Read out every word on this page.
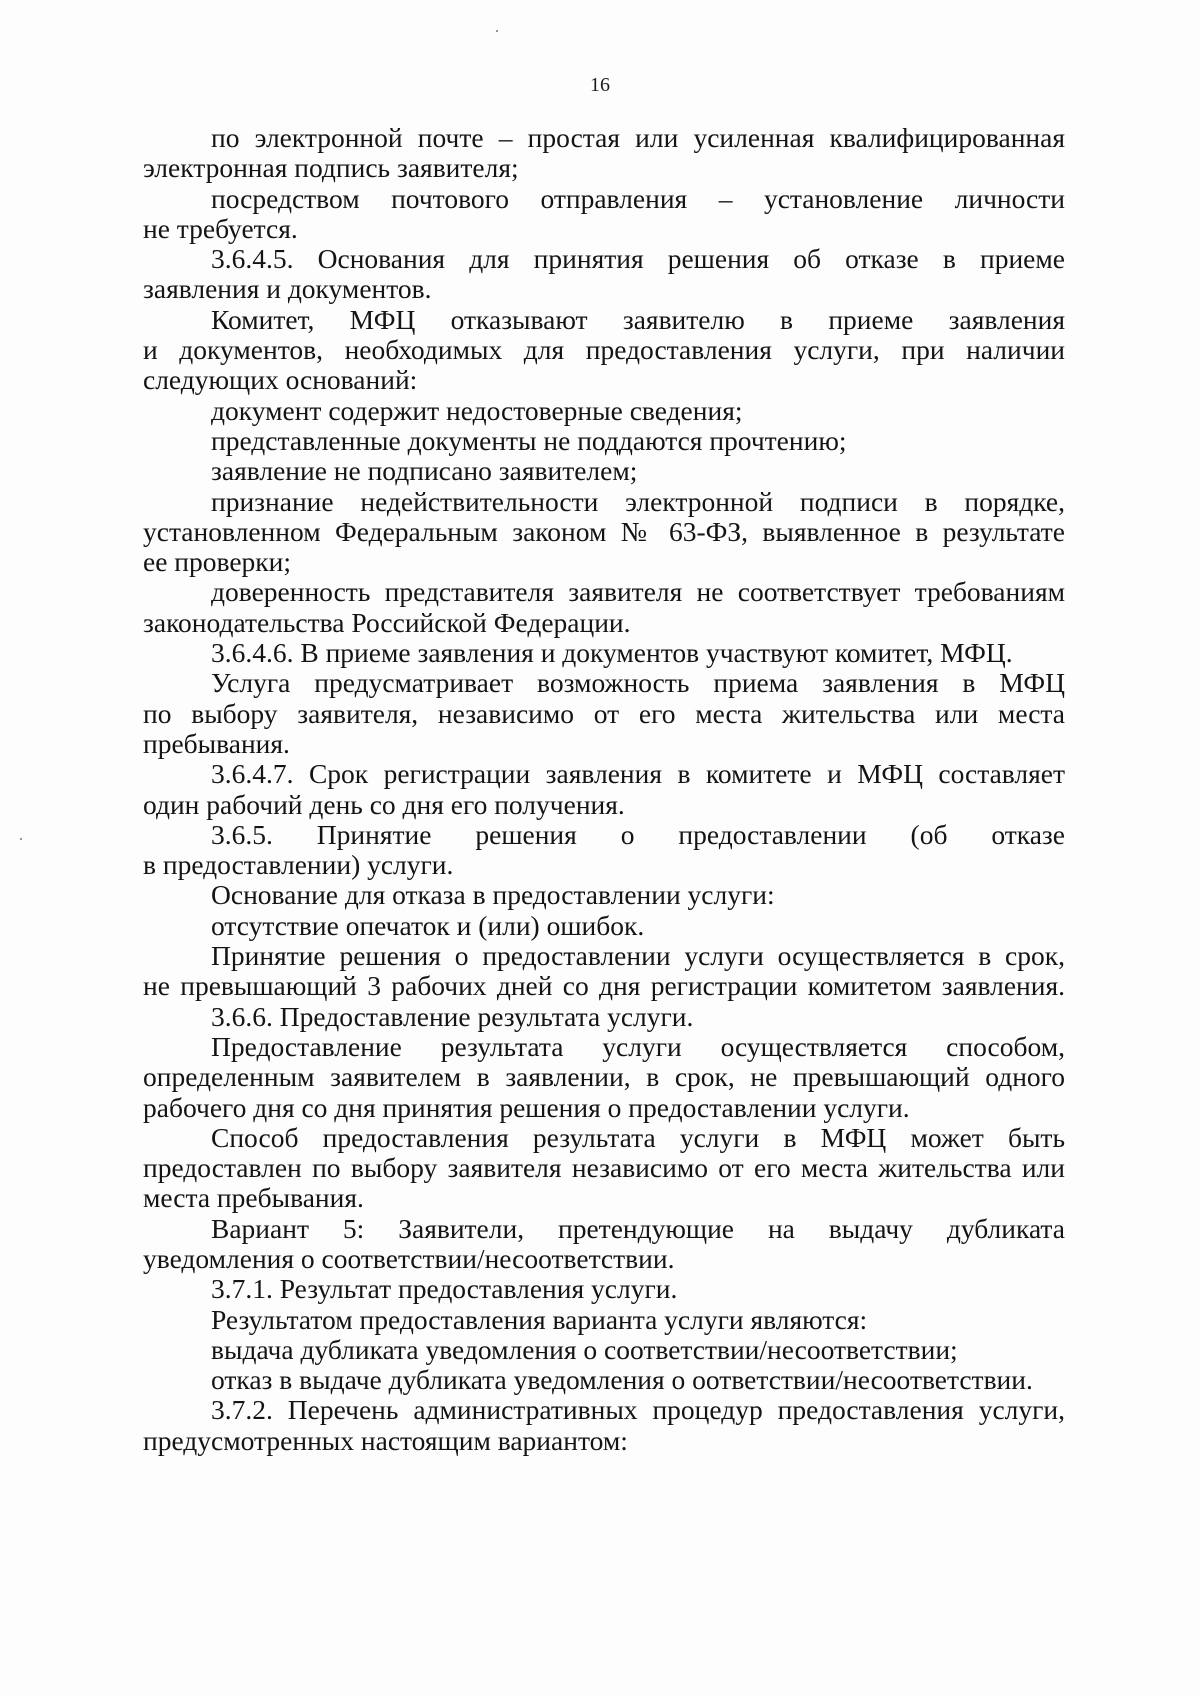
16
по электронной почте – простая или усиленная квалифицированная
электронная подпись заявителя;
посредством почтового отправления – установление личности
не требуется.
3.6.4.5. Основания для принятия решения об отказе в приеме
заявления и документов.
Комитет, МФЦ отказывают заявителю в приеме заявления
и документов, необходимых для предоставления услуги, при наличии
следующих оснований:
документ содержит недостоверные сведения;
представленные документы не поддаются прочтению;
заявление не подписано заявителем;
признание недействительности электронной подписи в порядке,
установленном Федеральным законом № 63-ФЗ, выявленное в результате
ее проверки;
доверенность представителя заявителя не соответствует требованиям
законодательства Российской Федерации.
3.6.4.6. В приеме заявления и документов участвуют комитет, МФЦ.
Услуга предусматривает возможность приема заявления в МФЦ
по выбору заявителя, независимо от его места жительства или места
пребывания.
3.6.4.7. Срок регистрации заявления в комитете и МФЦ составляет
один рабочий день со дня его получения.
3.6.5. Принятие решения о предоставлении (об отказе
в предоставлении) услуги.
Основание для отказа в предоставлении услуги:
отсутствие опечаток и (или) ошибок.
Принятие решения о предоставлении услуги осуществляется в срок,
не превышающий 3 рабочих дней со дня регистрации комитетом заявления.
3.6.6. Предоставление результата услуги.
Предоставление результата услуги осуществляется способом,
определенным заявителем в заявлении, в срок, не превышающий одного
рабочего дня со дня принятия решения о предоставлении услуги.
Способ предоставления результата услуги в МФЦ может быть
предоставлен по выбору заявителя независимо от его места жительства или
места пребывания.
Вариант 5: Заявители, претендующие на выдачу дубликата
уведомления о соответствии/несоответствии.
3.7.1. Результат предоставления услуги.
Результатом предоставления варианта услуги являются:
выдача дубликата уведомления о соответствии/несоответствии;
отказ в выдаче дубликата уведомления о оответствии/несоответствии.
3.7.2. Перечень административных процедур предоставления услуги,
предусмотренных настоящим вариантом:
